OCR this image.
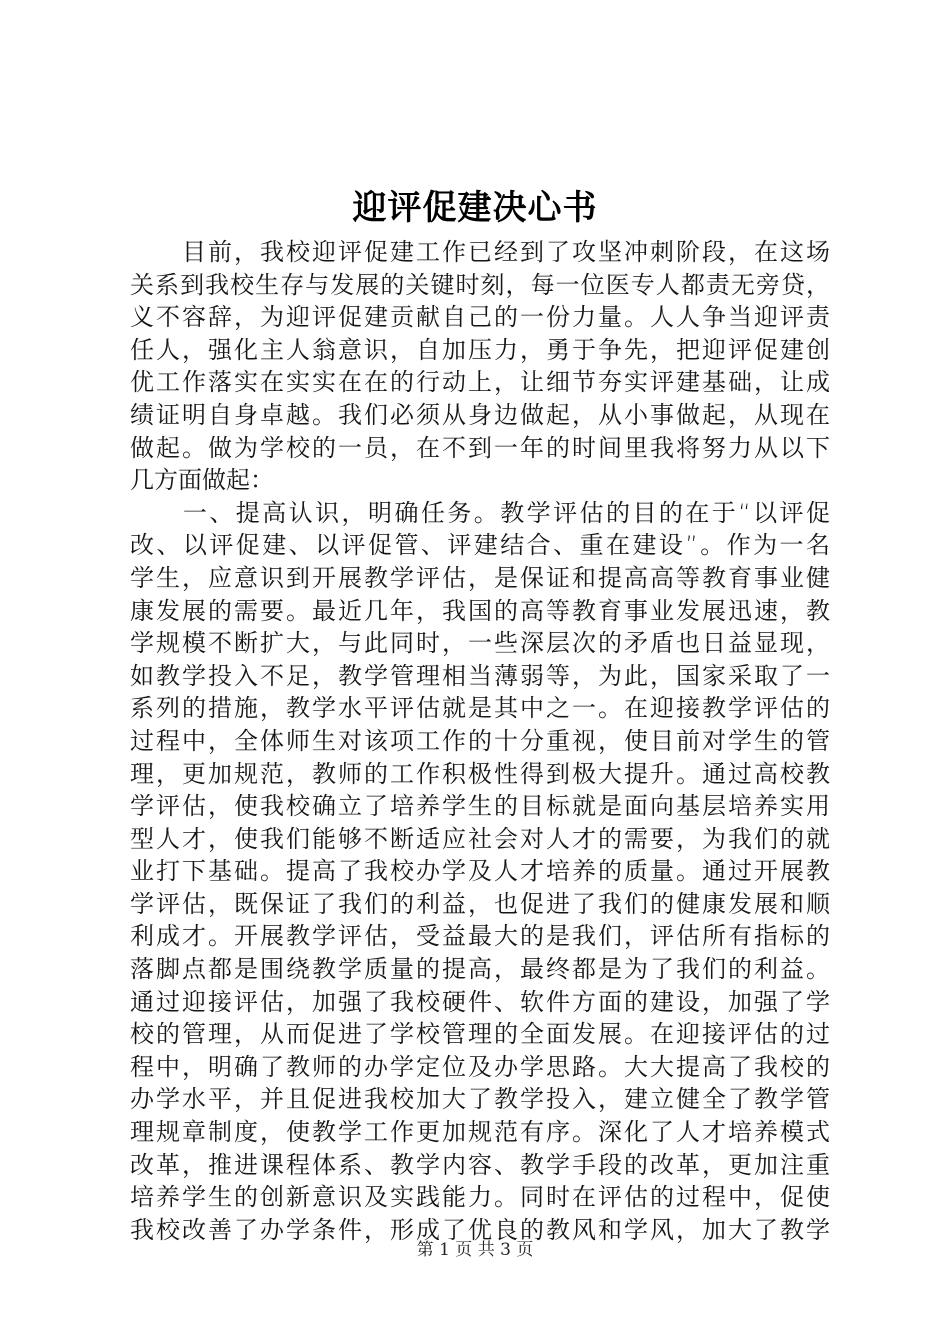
迎评促建决心书
　　目前，我校迎评促建工作已经到了攻坚冲刺阶段，在这场
关系到我校生存与发展的关键时刻，每一位医专人都责无旁贷，
义不容辞，为迎评促建贡献自己的一份力量。人人争当迎评责
任人，强化主人翁意识，自加压力，勇于争先，把迎评促建创
优工作落实在实实在在的行动上，让细节夯实评建基础，让成
绩证明自身卓越。我们必须从身边做起，从小事做起，从现在
做起。做为学校的一员，在不到一年的时间里我将努力从以下
几方面做起：
　　一、提高认识，明确任务。教学评估的目的在于“以评促
改、以评促建、以评促管、评建结合、重在建设”。作为一名
学生，应意识到开展教学评估，是保证和提高高等教育事业健
康发展的需要。最近几年，我国的高等教育事业发展迅速，教
学规模不断扩大，与此同时，一些深层次的矛盾也日益显现，
如教学投入不足，教学管理相当薄弱等，为此，国家采取了一
系列的措施，教学水平评估就是其中之一。在迎接教学评估的
过程中，全体师生对该项工作的十分重视，使目前对学生的管
理，更加规范，教师的工作积极性得到极大提升。通过高校教
学评估，使我校确立了培养学生的目标就是面向基层培养实用
型人才，使我们能够不断适应社会对人才的需要，为我们的就
业打下基础。提高了我校办学及人才培养的质量。通过开展教
学评估，既保证了我们的利益，也促进了我们的健康发展和顺
利成才。开展教学评估，受益最大的是我们，评估所有指标的
落脚点都是围绕教学质量的提高，最终都是为了我们的利益。
通过迎接评估，加强了我校硬件、软件方面的建设，加强了学
校的管理，从而促进了学校管理的全面发展。在迎接评估的过
程中，明确了教师的办学定位及办学思路。大大提高了我校的
办学水平，并且促进我校加大了教学投入，建立健全了教学管
理规章制度，使教学工作更加规范有序。深化了人才培养模式
改革，推进课程体系、教学内容、教学手段的改革，更加注重
培养学生的创新意识及实践能力。同时在评估的过程中，促使
我校改善了办学条件，形成了优良的教风和学风，加大了教学
第 1 页 共 3 页
